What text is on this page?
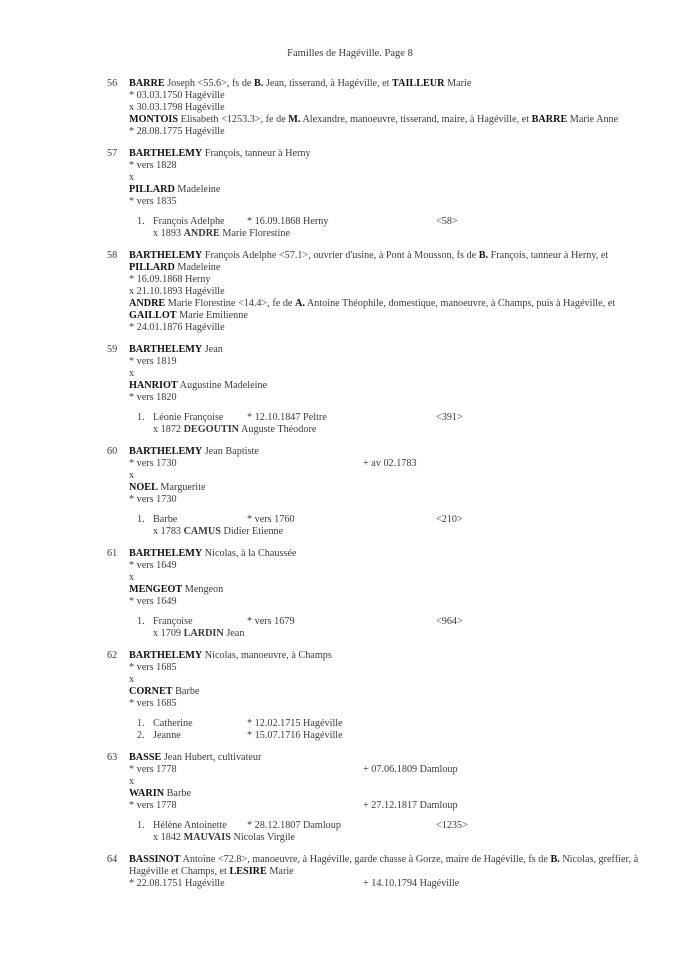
Familles de Hagéville. Page 8
56 BARRE Joseph <55.6>, fs de B. Jean, tisserand, à Hagéville, et TAILLEUR Marie
* 03.03.1750 Hagéville
x 30.03.1798 Hagéville
MONTOIS Elisabeth <1253.3>, fe de M. Alexandre, manoeuvre, tisserand, maire, à Hagéville, et BARRE Marie Anne
* 28.08.1775 Hagéville
57 BARTHELEMY François, tanneur à Herny
* vers 1828
x
PILLARD Madeleine
* vers 1835
1. François Adelphe * 16.09.1868 Herny	<58>
x 1893 ANDRE Marie Florestine
58 BARTHELEMY François Adelphe <57.1>, ouvrier d'usine, à Pont à Mousson, fs de B. François, tanneur à Herny, et PILLARD Madeleine
* 16.09.1868 Herny
x 21.10.1893 Hagéville
ANDRE Marie Florestine <14.4>, fe de A. Antoine Théophile, domestique, manoeuvre, à Champs, puis à Hagéville, et GAILLOT Marie Emilienne
* 24.01.1876 Hagéville
59 BARTHELEMY Jean
* vers 1819
x
HANRIOT Augustine Madeleine
* vers 1820
1. Léonie Françoise * 12.10.1847 Peltre	<391>
x 1872 DEGOUTIN Auguste Théodore
60 BARTHELEMY Jean Baptiste
* vers 1730	+ av 02.1783
x
NOEL Marguerite
* vers 1730
1. Barbe	* vers 1760	<210>
x 1783 CAMUS Didier Etienne
61 BARTHELEMY Nicolas, à la Chaussée
* vers 1649
x
MENGEOT Mengeon
* vers 1649
1. Françoise	* vers 1679	<964>
x 1709 LARDIN Jean
62 BARTHELEMY Nicolas, manoeuvre, à Champs
* vers 1685
x
CORNET Barbe
* vers 1685
1. Catherine	* 12.02.1715 Hagéville
2. Jeanne	* 15.07.1716 Hagéville
63 BASSE Jean Hubert, cultivateur
* vers 1778	+ 07.06.1809 Damloup
x
WARIN Barbe
* vers 1778	+ 27.12.1817 Damloup
1. Hélène Antoinette * 28.12.1807 Damloup	<1235>
x 1842 MAUVAIS Nicolas Virgile
64 BASSINOT Antoine <72.8>, manoeuvre, à Hagéville, garde chasse à Gorze, maire de Hagéville, fs de B. Nicolas, greffier, à Hagéville et Champs, et LESIRE Marie
* 22.08.1751 Hagéville	+ 14.10.1794 Hagéville
